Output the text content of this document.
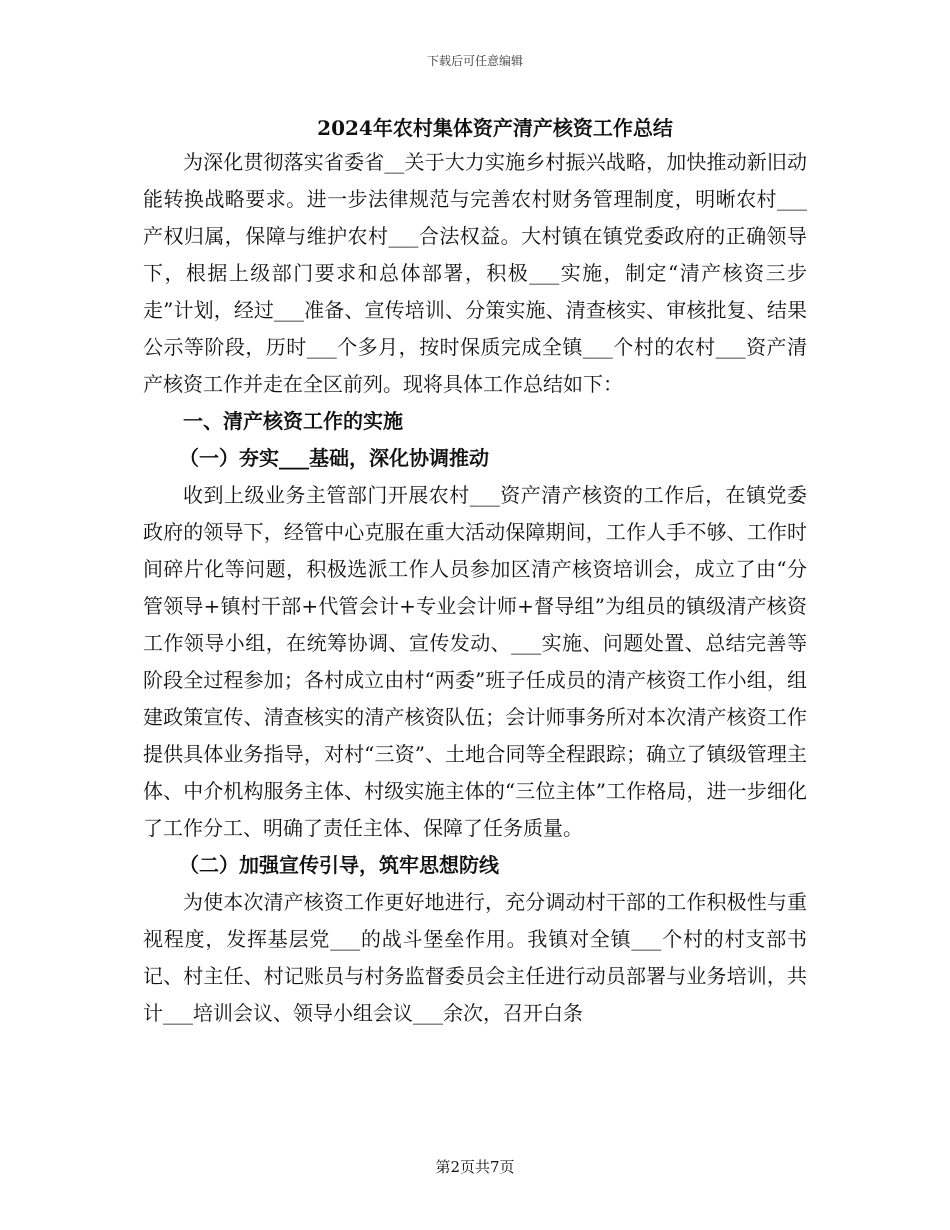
下载后可任意编辑
2024年农村集体资产清产核资工作总结

为深化贯彻落实省委省__关于大力实施乡村振兴战略，加快推动新旧动能转换战略要求。进一步法律规范与完善农村财务管理制度，明晰农村___产权归属，保障与维护农村___合法权益。大村镇在镇党委政府的正确领导下，根据上级部门要求和总体部署，积极___实施，制定“清产核资三步走”计划，经过___准备、宣传培训、分策实施、清查核实、审核批复、结果公示等阶段，历时___个多月，按时保质完成全镇___个村的农村___资产清产核资工作并走在全区前列。现将具体工作总结如下：

一、清产核资工作的实施

（一）夯实___基础，深化协调推动

收到上级业务主管部门开展农村___资产清产核资的工作后，在镇党委政府的领导下，经管中心克服在重大活动保障期间，工作人手不够、工作时间碎片化等问题，积极选派工作人员参加区清产核资培训会，成立了由“分管领导+镇村干部+代管会计+专业会计师+督导组”为组员的镇级清产核资工作领导小组，在统筹协调、宣传发动、___实施、问题处置、总结完善等阶段全过程参加；各村成立由村“两委”班子任成员的清产核资工作小组，组建政策宣传、清查核实的清产核资队伍；会计师事务所对本次清产核资工作提供具体业务指导，对村“三资”、土地合同等全程跟踪；确立了镇级管理主体、中介机构服务主体、村级实施主体的“三位主体”工作格局，进一步细化了工作分工、明确了责任主体、保障了任务质量。

（二）加强宣传引导，筑牢思想防线

为使本次清产核资工作更好地进行，充分调动村干部的工作积极性与重视程度，发挥基层党___的战斗堡垒作用。我镇对全镇___个村的村支部书记、村主任、村记账员与村务监督委员会主任进行动员部署与业务培训，共计___培训会议、领导小组会议___余次，召开白条

第2页共7页
